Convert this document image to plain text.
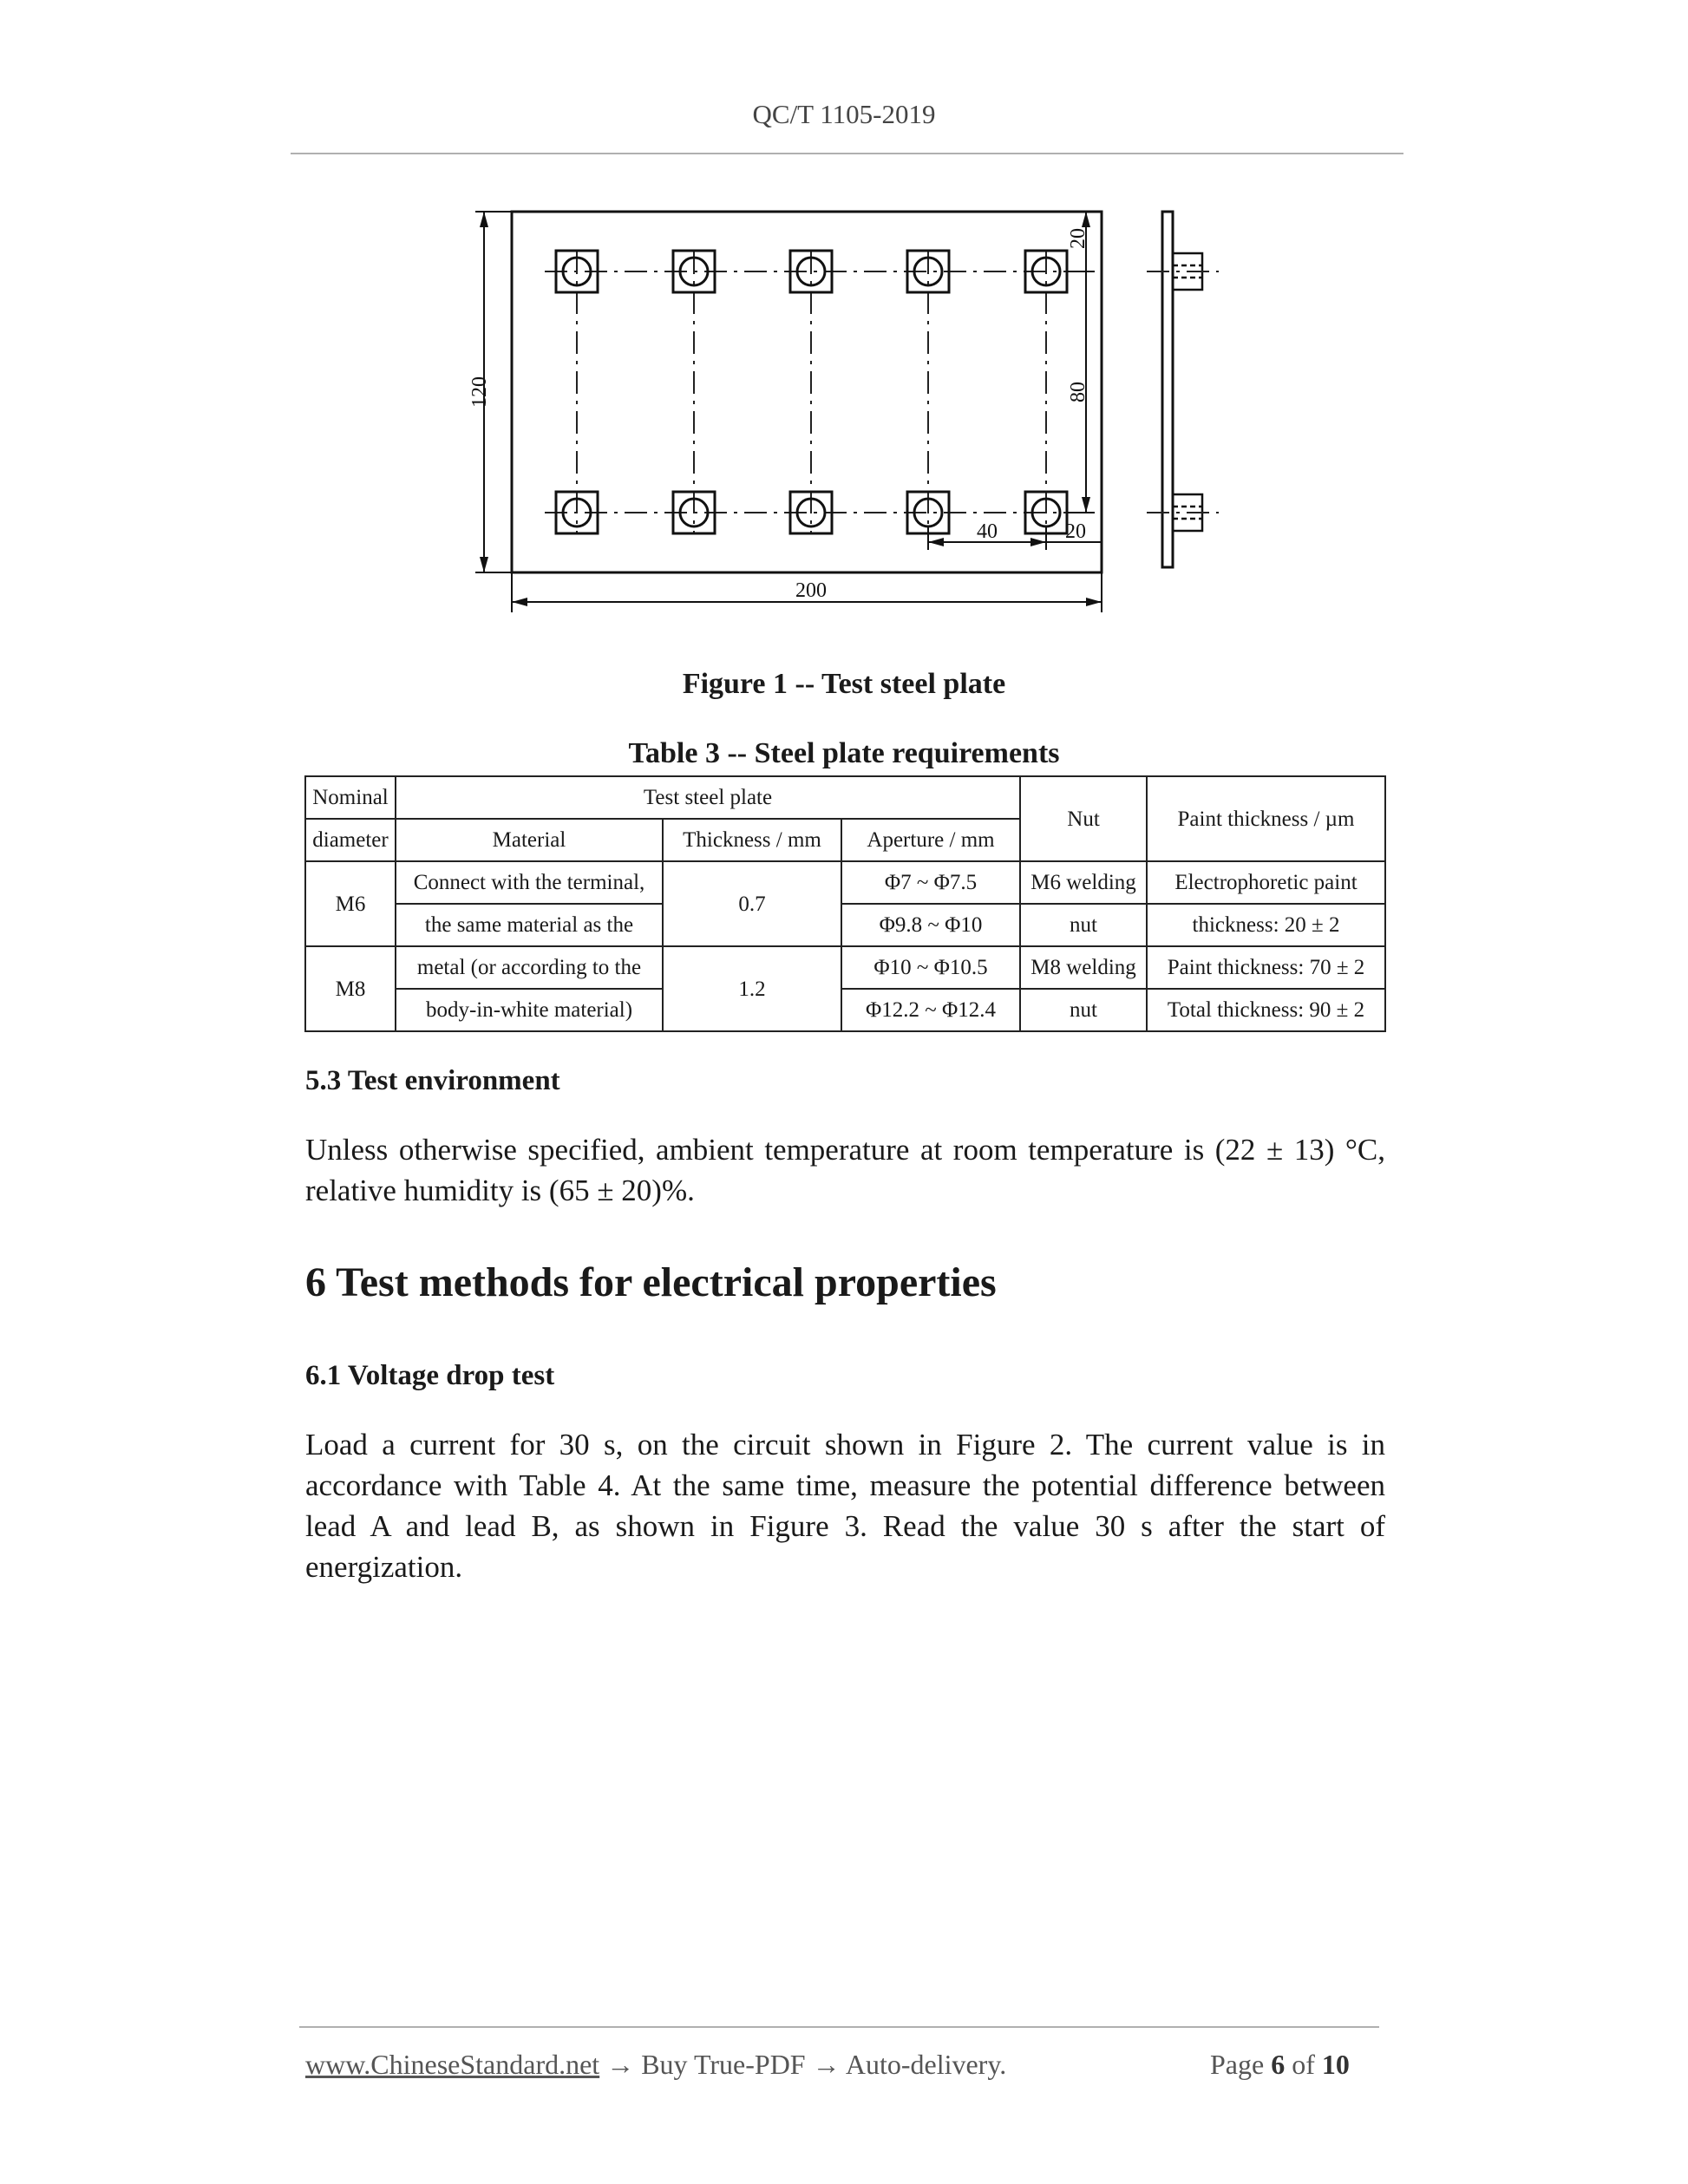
QC/T 1105-2019
120
200
20
80
40	20
Figure 1 -- Test steel plate
Table 3 -- Steel plate requirements
Nominal	Test steel plate			Nut	Paint thickness / µm
diameter	Material	Thickness / mm	Aperture / mm		
M6	Connect with the terminal,	0.7	Φ7 ~ Φ7.5	M6 welding	Electrophoretic paint
	the same material as the		Φ9.8 ~ Φ10	nut	thickness: 20 ± 2
M8	metal (or according to the	1.2	Φ10 ~ Φ10.5	M8 welding	Paint thickness: 70 ± 2
	body-in-white material)		Φ12.2 ~ Φ12.4	nut	Total thickness: 90 ± 2
5.3 Test environment
Unless otherwise specified, ambient temperature at room temperature is (22 ± 13) °C, relative humidity is (65 ± 20)%.
6 Test methods for electrical properties
6.1 Voltage drop test
Load a current for 30 s, on the circuit shown in Figure 2. The current value is in accordance with Table 4. At the same time, measure the potential difference between lead A and lead B, as shown in Figure 3. Read the value 30 s after the start of energization.
www.ChineseStandard.net → Buy True-PDF → Auto-delivery.	Page 6 of 10
